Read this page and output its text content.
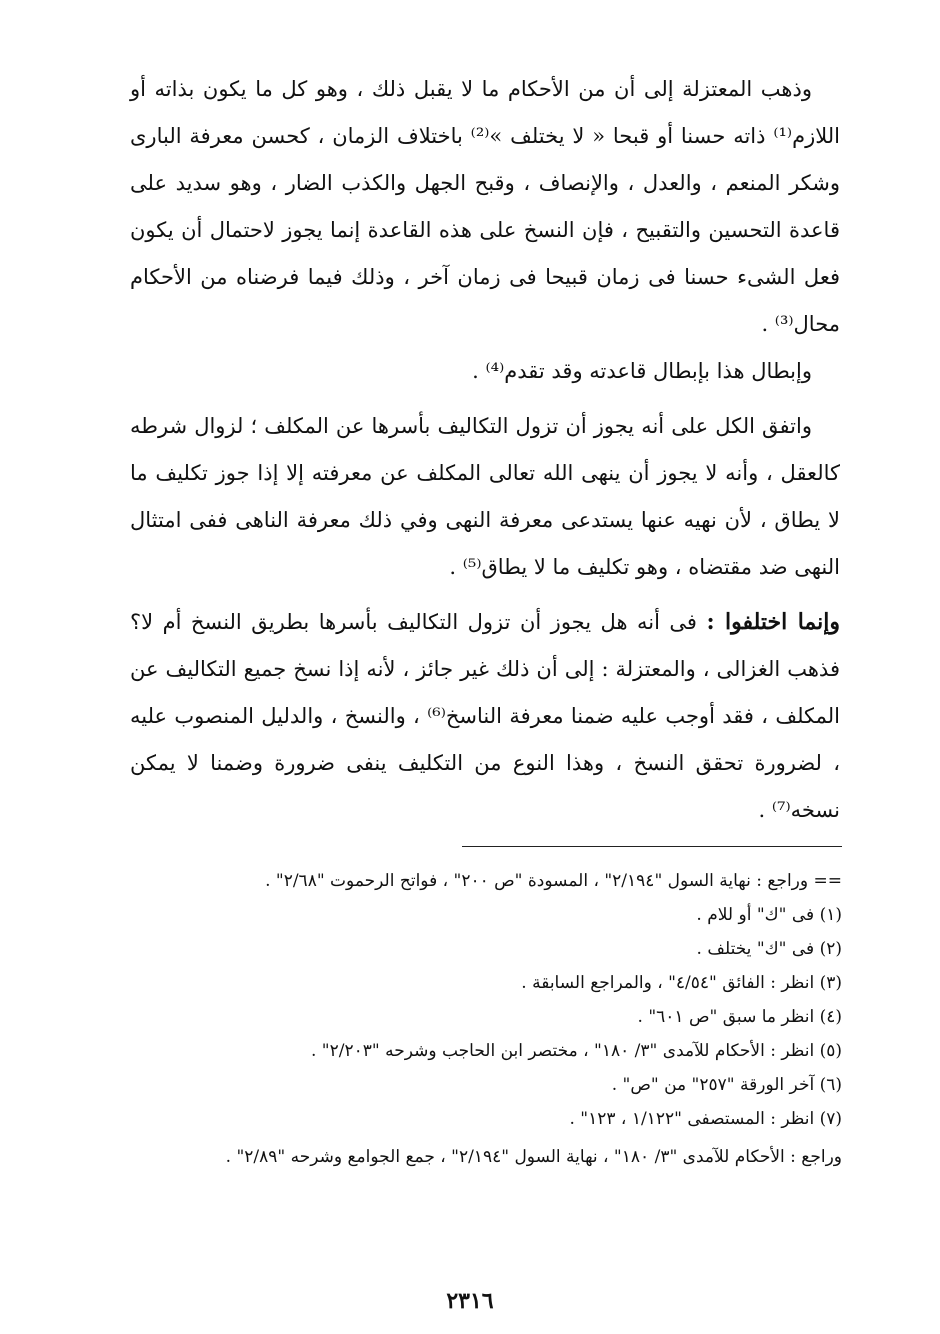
وذهب المعتزلة إلى أن من الأحكام ما لا يقبل ذلك ، وهو كل ما يكون بذاته أو اللازم⁽¹⁾ ذاته حسنا أو قبحا « لا يختلف »⁽²⁾ باختلاف الزمان ، كحسن معرفة البارى وشكر المنعم ، والعدل ، والإنصاف ، وقبح الجهل والكذب الضار ، وهو سديد على قاعدة التحسين والتقبيح ، فإن النسخ على هذه القاعدة إنما يجوز لاحتمال أن يكون فعل الشىء حسنا فى زمان قبيحا فى زمان آخر ، وذلك فيما فرضناه من الأحكام محال⁽³⁾ .

وإبطال هذا بإبطال قاعدته وقد تقدم⁽⁴⁾ .

واتفق الكل على أنه يجوز أن تزول التكاليف بأسرها عن المكلف ؛ لزوال شرطه كالعقل ، وأنه لا يجوز أن ينهى الله تعالى المكلف عن معرفته إلا إذا جوز تكليف ما لا يطاق ، لأن نهيه عنها يستدعى معرفة النهى وفي ذلك معرفة الناهى ففى امتثال النهى ضد مقتضاه ، وهو تكليف ما لا يطاق⁽⁵⁾ .

وإنما اختلفوا : فى أنه هل يجوز أن تزول التكاليف بأسرها بطريق النسخ أم لا؟ فذهب الغزالى ، والمعتزلة : إلى أن ذلك غير جائز ، لأنه إذا نسخ جميع التكاليف عن المكلف ، فقد أوجب عليه ضمنا معرفة الناسخ⁽⁶⁾ ، والنسخ ، والدليل المنصوب عليه ، لضرورة تحقق النسخ ، وهذا النوع من التكليف ينفى ضرورة وضمنا لا يمكن نسخه⁽⁷⁾ .

== وراجع : نهاية السول "٢/١٩٤" ، المسودة "ص ٢٠٠" ، فواتح الرحموت "٢/٦٨" .

(١) فى "ك" أو للام .

(٢) فى "ك" يختلف .

(٣) انظر : الفائق "٤/٥٤" ، والمراجع السابقة .

(٤) انظر ما سبق "ص ٦٠١" .

(٥) انظر : الأحكام للآمدى "٣/ ١٨٠" ، مختصر ابن الحاجب وشرحه "٢/٢٠٣" .

(٦) آخر الورقة "٢٥٧" من "ص" .

(٧) انظر : المستصفى "١/١٢٢ ، ١٢٣" .

وراجع : الأحكام للآمدى "٣/ ١٨٠" ، نهاية السول "٢/١٩٤" ، جمع الجوامع وشرحه "٢/٨٩" .

٢٣١٦
